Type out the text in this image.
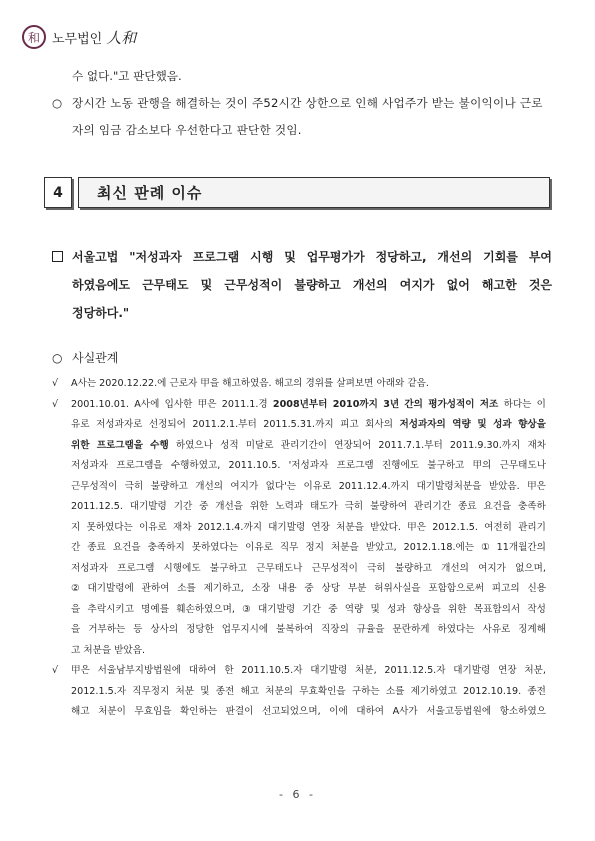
和 노무법인 人和
수 없다."고 판단했음.
○ 장시간 노동 관행을 해결하는 것이 주52시간 상한으로 인해 사업주가 받는 불이익이나 근로자의 임금 감소보다 우선한다고 판단한 것임.
4	최신 판례 이슈
서울고법 "저성과자 프로그램 시행 및 업무평가가 정당하고, 개선의 기회를 부여
하였음에도 근무태도 및 근무성적이 불량하고 개선의 여지가 없어 해고한 것은
정당하다."
○ 사실관계
√ A사는 2020.12.22.에 근로자 甲을 해고하였음. 해고의 경위를 살펴보면 아래와 같음.
√ 2001.10.01. A사에 입사한 甲은 2011.1.경 2008년부터 2010까지 3년 간의 평가성적이 저조 하다는 이
유로 저성과자로 선정되어 2011.2.1.부터 2011.5.31.까지 피고 회사의 저성과자의 역량 및 성과 향상을
위한 프로그램을 수행 하였으나 성적 미달로 관리기간이 연장되어 2011.7.1.부터 2011.9.30.까지 재차
저성과자 프로그램을 수행하였고, 2011.10.5. '저성과자 프로그램 진행에도 불구하고 甲의 근무태도나
근무성적이 극히 불량하고 개선의 여지가 없다'는 이유로 2011.12.4.까지 대기발령처분을 받았음. 甲은
2011.12.5. 대기발령 기간 중 개선을 위한 노력과 태도가 극히 불량하여 관리기간 종료 요건을 충족하
지 못하였다는 이유로 재차 2012.1.4.까지 대기발령 연장 처분을 받았다. 甲은 2012.1.5. 여전히 관리기
간 종료 요건을 충족하지 못하였다는 이유로 직무 정지 처분을 받았고, 2012.1.18.에는 ① 11개월간의
저성과자 프로그램 시행에도 불구하고 근무태도나 근무성적이 극히 불량하고 개선의 여지가 없으며,
② 대기발령에 관하여 소를 제기하고, 소장 내용 중 상당 부분 허위사실을 포함함으로써 피고의 신용
을 추락시키고 명예를 훼손하였으며, ③ 대기발령 기간 중 역량 및 성과 향상을 위한 목표합의서 작성
을 거부하는 등 상사의 정당한 업무지시에 불복하여 직장의 규율을 문란하게 하였다는 사유로 징계해
고 처분을 받았음.
√ 甲은 서울남부지방법원에 대하여 한 2011.10.5.자 대기발령 처분, 2011.12.5.자 대기발령 연장 처분,
2012.1.5.자 직무정지 처분 및 종전 해고 처분의 무효확인을 구하는 소를 제기하였고 2012.10.19. 종전
해고 처분이 무효임을 확인하는 판결이 선고되었으며, 이에 대하여 A사가 서울고등법원에 항소하였으
- 6 -
